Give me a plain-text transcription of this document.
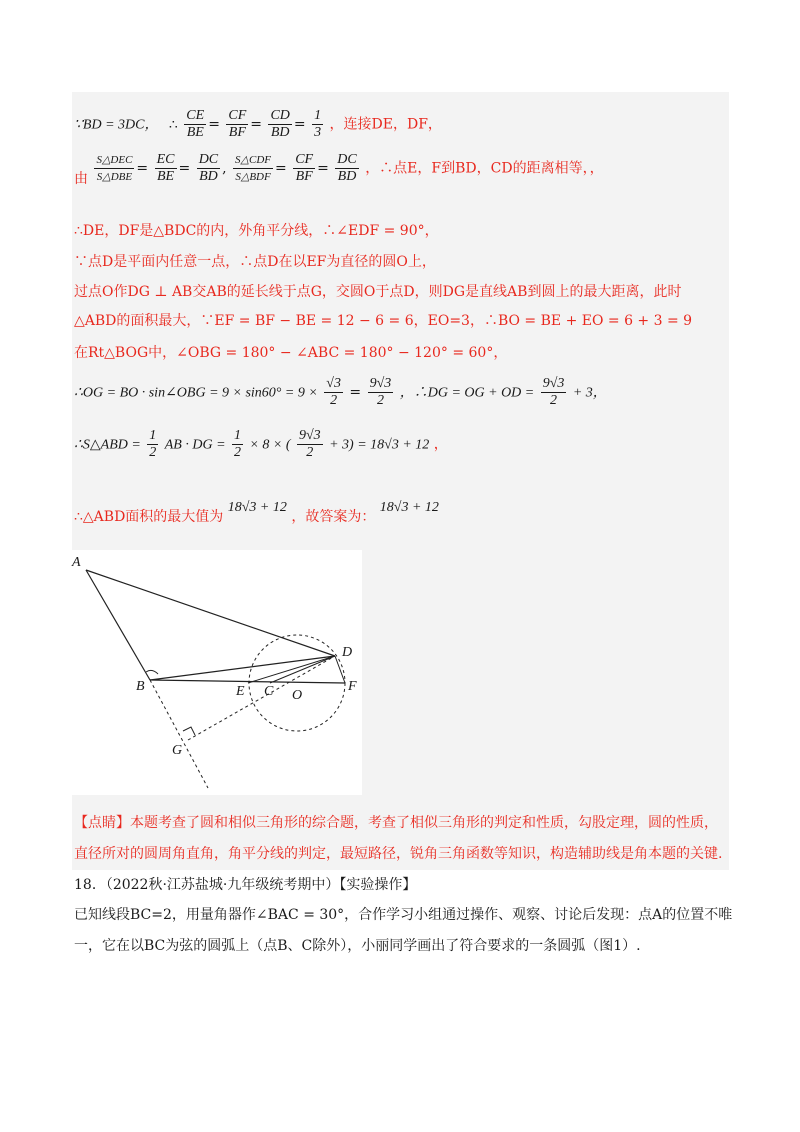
∵BD = 3DC， ∴ $\frac{CE}{BE} = \frac{CF}{BF} = \frac{CD}{BD} = \frac{1}{3}$ ，连接DE，DF，
由 $\frac{\text{S△DEC}}{\text{S△DBE}} = \frac{EC}{BE} = \frac{DC}{BD}$ , $\frac{\text{S△CDF}}{\text{S△BDF}} = \frac{CF}{BF} = \frac{DC}{BD}$ ，∴点E，F到BD，CD的距离相等，，
∴DE，DF是△BDC的内，外角平分线，∴∠EDF = 90°，
∵点D是平面内任意一点，∴点D在以EF为直径的圆O上，
过点O作DG ⊥ AB交AB的延长线于点G，交圆O于点D，则DG是直线AB到圆上的最大距离，此时
△ABD的面积最大，∵EF = BF − BE = 12 − 6 = 6，EO=3，∴BO = BE + EO = 6 + 3 = 9
在Rt△BOG中，∠OBG = 180° − ∠ABC = 180° − 120° = 60°，
∴OG = BO · sin∠OBG = $9 \times \sin 60^\circ = 9 \times \frac{√3}{2} = \frac{9√3}{2}$ ，∴DG = OG + OD = $\frac{9√3}{2} + 3$，
∴S△ABD = $\frac{1}{2}$ AB · DG = $\frac{1}{2} \times 8$ × ( $\frac{9√3}{2} + 3) = 18√3 + 12$ ，
∴△ABD面积的最大值为 18√3 + 12 ，故答案为： 18√3 + 12
A
B	E C O
D
F
G
【点睛】本题考查了圆和相似三角形的综合题，考查了相似三角形的判定和性质，勾股定理，圆的性质，
直径所对的圆周角直角，角平分线的判定，最短路径，锐角三角函数等知识，构造辅助线是角本题的关键.
18．（2022秋·江苏盐城·九年级统考期中）【实验操作】
已知线段BC=2，用量角器作∠BAC = 30°，合作学习小组通过操作、观察、讨论后发现：点A的位置不唯
一，它在以BC为弦的圆弧上（点B、C除外），小丽同学画出了符合要求的一条圆弧（图1）.
